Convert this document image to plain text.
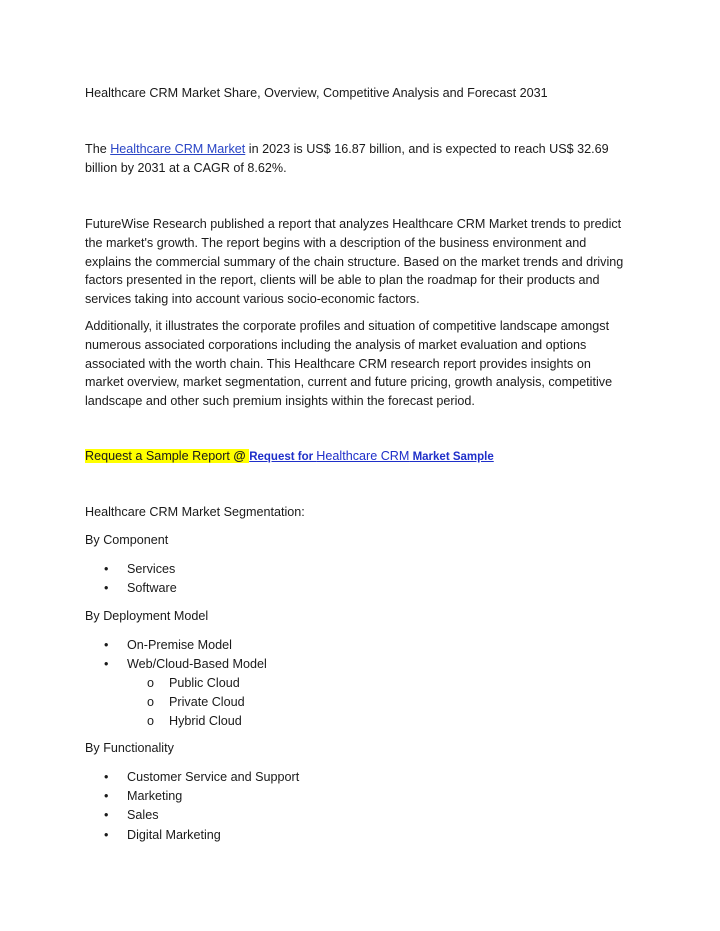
Healthcare CRM Market Share, Overview, Competitive Analysis and Forecast 2031
The Healthcare CRM Market in 2023 is US$ 16.87 billion, and is expected to reach US$ 32.69
billion by 2031 at a CAGR of 8.62%.
FutureWise Research published a report that analyzes Healthcare CRM Market trends to predict
the market's growth. The report begins with a description of the business environment and
explains the commercial summary of the chain structure. Based on the market trends and driving
factors presented in the report, clients will be able to plan the roadmap for their products and
services taking into account various socio-economic factors.
Additionally, it illustrates the corporate profiles and situation of competitive landscape amongst
numerous associated corporations including the analysis of market evaluation and options
associated with the worth chain. This Healthcare CRM research report provides insights on
market overview, market segmentation, current and future pricing, growth analysis, competitive
landscape and other such premium insights within the forecast period.
Request a Sample Report @ Request for Healthcare CRM Market Sample
Healthcare CRM Market Segmentation:
By Component
• Services
• Software
By Deployment Model
• On-Premise Model
• Web/Cloud-Based Model
o Public Cloud
o Private Cloud
o Hybrid Cloud
By Functionality
• Customer Service and Support
• Marketing
• Sales
• Digital Marketing
